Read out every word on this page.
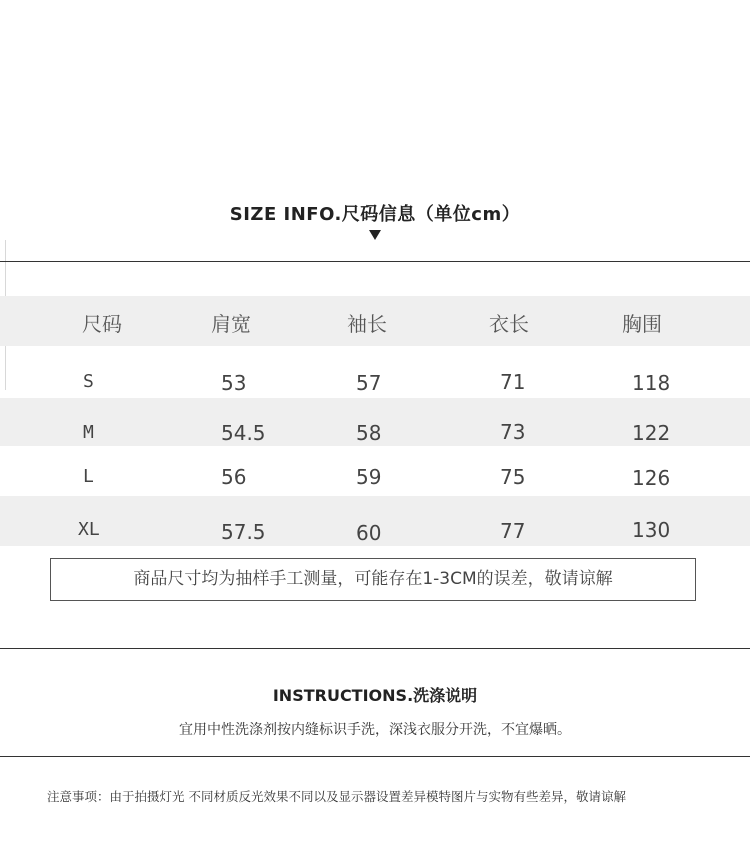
SIZE INFO.尺码信息（单位cm）
尺码	肩宽	袖长	衣长	胸围
S	53	57	71	118
M	54.5	58	73	122
L	56	59	75	126
XL	57.5	60	77	130
商品尺寸均为抽样手工测量，可能存在1-3CM的误差，敬请谅解
INSTRUCTIONS.洗涤说明
宜用中性洗涤剂按内缝标识手洗，深浅衣服分开洗，不宜爆晒。
注意事项：由于拍摄灯光 不同材质反光效果不同以及显示器设置差异模特图片与实物有些差异，敬请谅解
